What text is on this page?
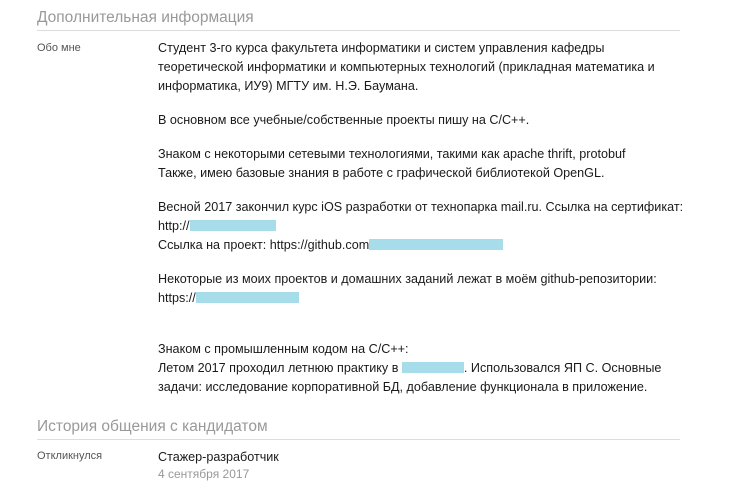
Дополнительная информация
Обо мне	Студент 3-го курса факультета информатики и систем управления кафедры теоретической информатики и компьютерных технологий (прикладная математика и информатика, ИУ9) МГТУ им. Н.Э. Баумана.

В основном все учебные/собственные проекты пишу на C/C++.

Знаком с некоторыми сетевыми технологиями, такими как apache thrift, protobuf
Также, имею базовые знания в работе с графической библиотекой OpenGL.

Весной 2017 закончил курс iOS разработки от технопарка mail.ru. Ссылка на сертификат:
http://
Ссылка на проект: https://github.com

Некоторые из моих проектов и домашних заданий лежат в моём github-репозитории:
https://

Знаком с промышленным кодом на C/C++:
Летом 2017 проходил летнюю практику в	. Использовался ЯП С. Основные
задачи: исследование корпоративной БД, добавление функционала в приложение.

История общения с кандидатом
Откликнулся	Стажер-разработчик
4 сентября 2017
